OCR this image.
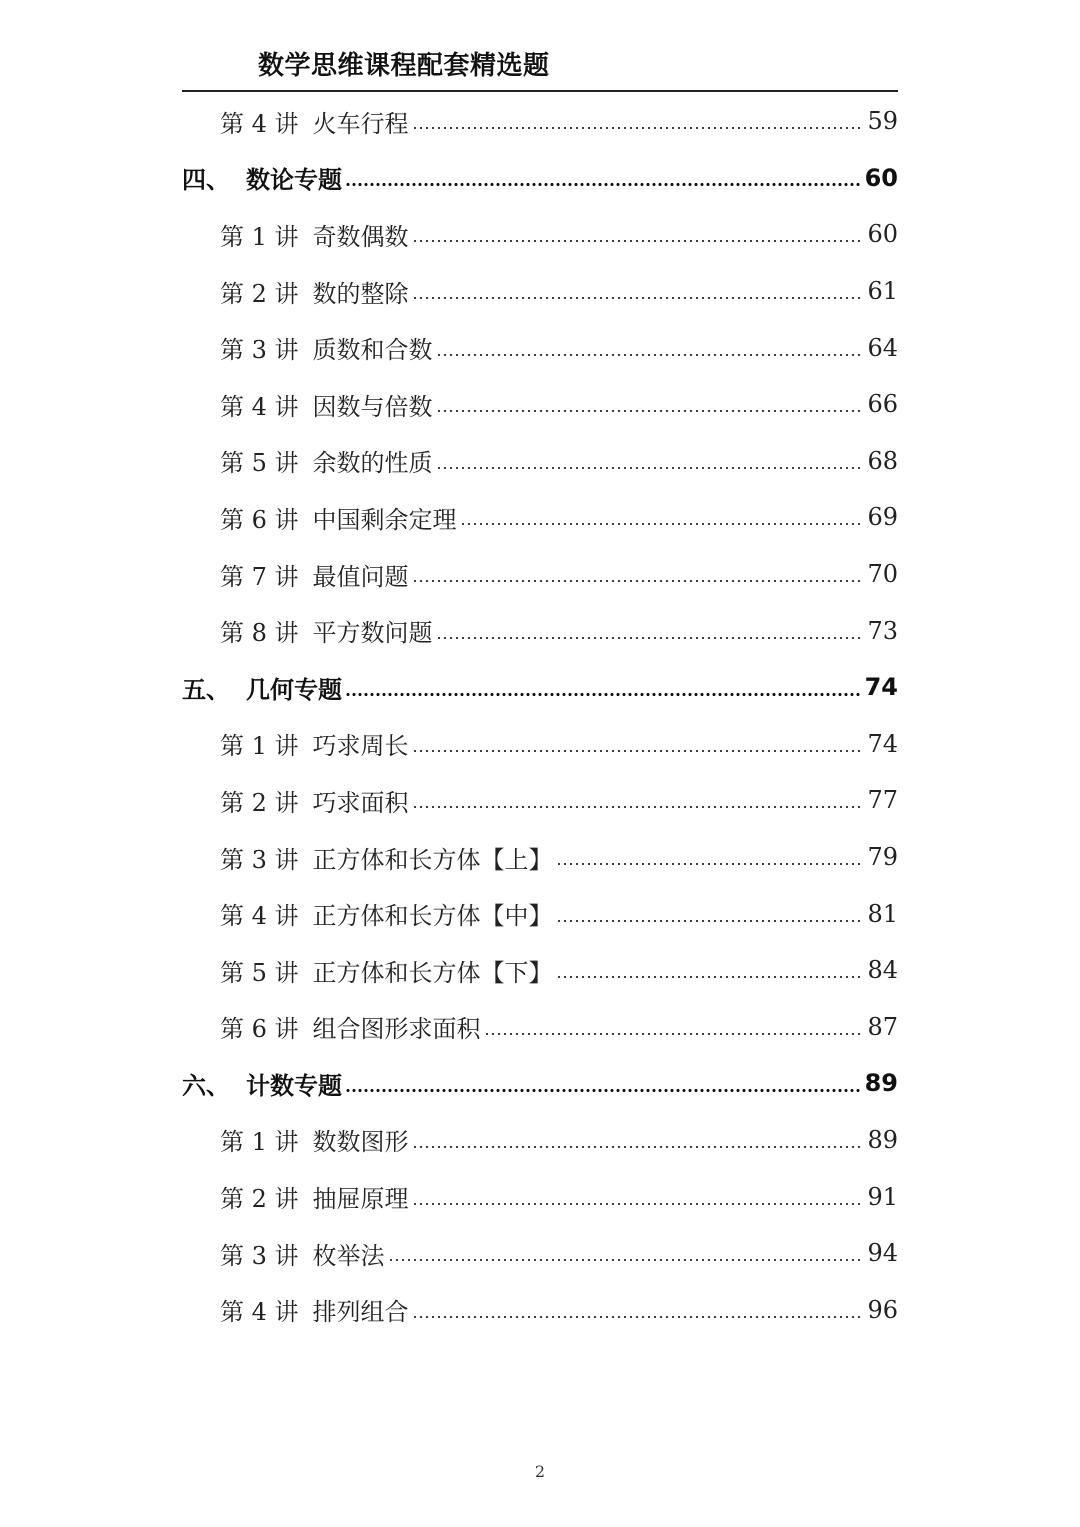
数学思维课程配套精选题
第 4 讲 火车行程	59
四、 数论专题	60
第 1 讲 奇数偶数	60
第 2 讲 数的整除	61
第 3 讲 质数和合数	64
第 4 讲 因数与倍数	66
第 5 讲 余数的性质	68
第 6 讲 中国剩余定理	69
第 7 讲 最值问题	70
第 8 讲 平方数问题	73
五、 几何专题	74
第 1 讲 巧求周长	74
第 2 讲 巧求面积	77
第 3 讲 正方体和长方体【上】	79
第 4 讲 正方体和长方体【中】	81
第 5 讲 正方体和长方体【下】	84
第 6 讲 组合图形求面积	87
六、 计数专题	89
第 1 讲 数数图形	89
第 2 讲 抽屉原理	91
第 3 讲 枚举法	94
第 4 讲 排列组合	96
2
